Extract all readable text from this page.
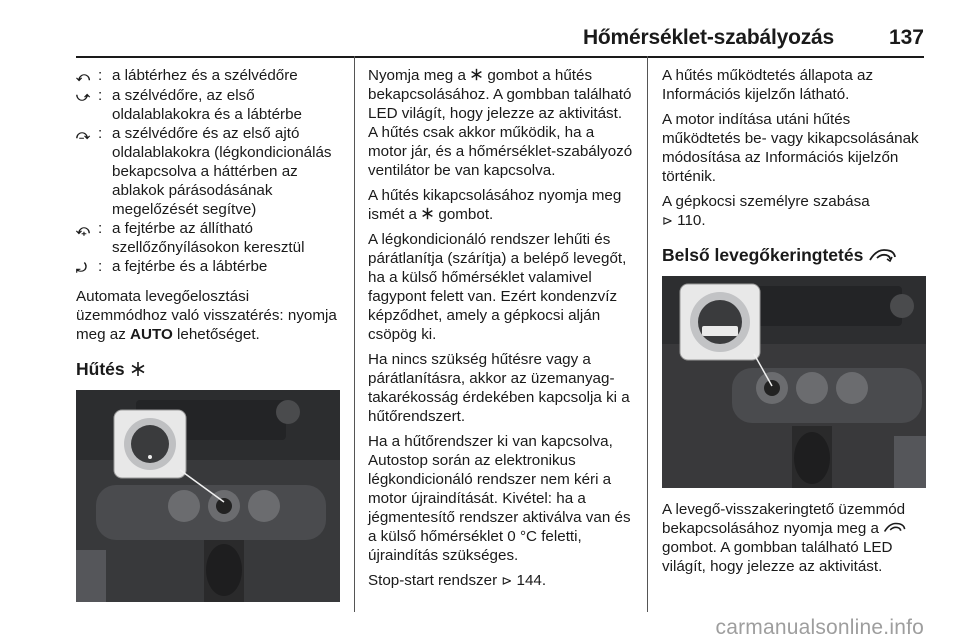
Hőmérséklet-szabályozás	137
⤺ : a lábtérhez és a szélvédőre
⤻ : a szélvédőre, az első oldalablakokra és a lábtérbe
⤼ : a szélvédőre és az első ajtó oldalablakokra (légkondicionálás bekapcsolva a háttérben az ablakok párásodásának megelőzését segítve)
⤽ : a fejtérbe az állítható szellőzőnyílásokon keresztül
⤾ : a fejtérbe és a lábtérbe

Automata levegőelosztási üzemmódhoz való visszatérés: nyomja meg az AUTO lehetőséget.

Hűtés

Nyomja meg a  gombot a hűtés bekapcsolásához. A gombban található LED világít, hogy jelezze az aktivitást. A hűtés csak akkor működik, ha a motor jár, és a hőmérséklet-szabályozó ventilátor be van kapcsolva.

A hűtés kikapcsolásához nyomja meg ismét a  gombot.

A légkondicionáló rendszer lehűti és párátlanítja (szárítja) a belépő levegőt, ha a külső hőmérséklet valamivel fagypont felett van. Ezért kondenzvíz képződhet, amely a gépkocsi alján csöpög ki.

Ha nincs szükség hűtésre vagy a párátlanításra, akkor az üzemanyag-takarékosság érdekében kapcsolja ki a hűtőrendszert.

Ha a hűtőrendszer ki van kapcsolva, Autostop során az elektronikus légkondicionáló rendszer nem kéri a motor újraindítását. Kivétel: ha a jégmentesítő rendszer aktiválva van és a külső hőmérséklet 0 °C feletti, újraindítás szükséges.

Stop-start rendszer ⊳ 144.

A hűtés működtetés állapota az Információs kijelzőn látható.

A motor indítása utáni hűtés működtetés be- vagy kikapcsolásának módosítása az Információs kijelzőn történik.

A gépkocsi személyre szabása
⊳ 110.

Belső levegőkeringtetés

A levegő-visszakeringtető üzemmód bekapcsolásához nyomja meg a  gombot. A gombban található LED világít, hogy jelezze az aktivitást.

carmanualsonline.info
